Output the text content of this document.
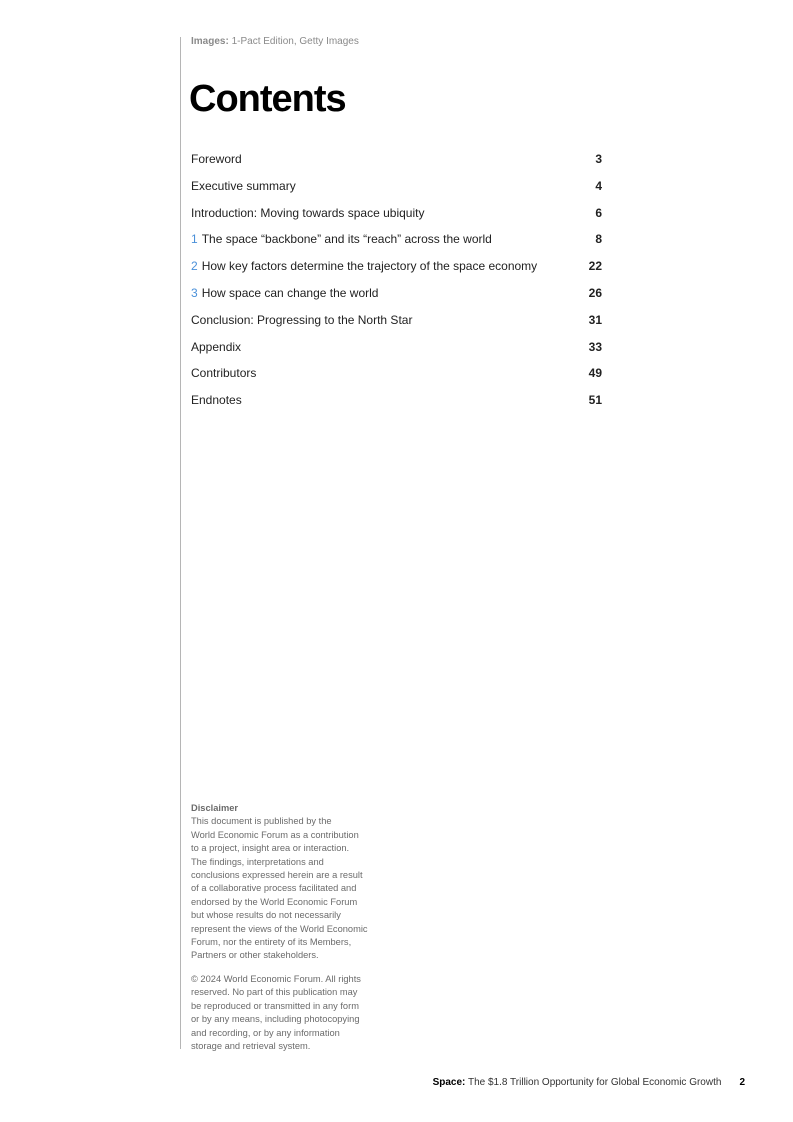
Images: 1-Pact Edition, Getty Images
Contents
Foreword	3
Executive summary	4
Introduction: Moving towards space ubiquity	6
1 The space “backbone” and its “reach” across the world	8
2 How key factors determine the trajectory of the space economy	22
3 How space can change the world	26
Conclusion: Progressing to the North Star	31
Appendix	33
Contributors	49
Endnotes	51
Disclaimer

This document is published by the
World Economic Forum as a contribution
to a project, insight area or interaction.
The findings, interpretations and
conclusions expressed herein are a result
of a collaborative process facilitated and
endorsed by the World Economic Forum
but whose results do not necessarily
represent the views of the World Economic
Forum, nor the entirety of its Members,
Partners or other stakeholders.

© 2024 World Economic Forum. All rights
reserved. No part of this publication may
be reproduced or transmitted in any form
or by any means, including photocopying
and recording, or by any information
storage and retrieval system.

Space: The $1.8 Trillion Opportunity for Global Economic Growth 2
